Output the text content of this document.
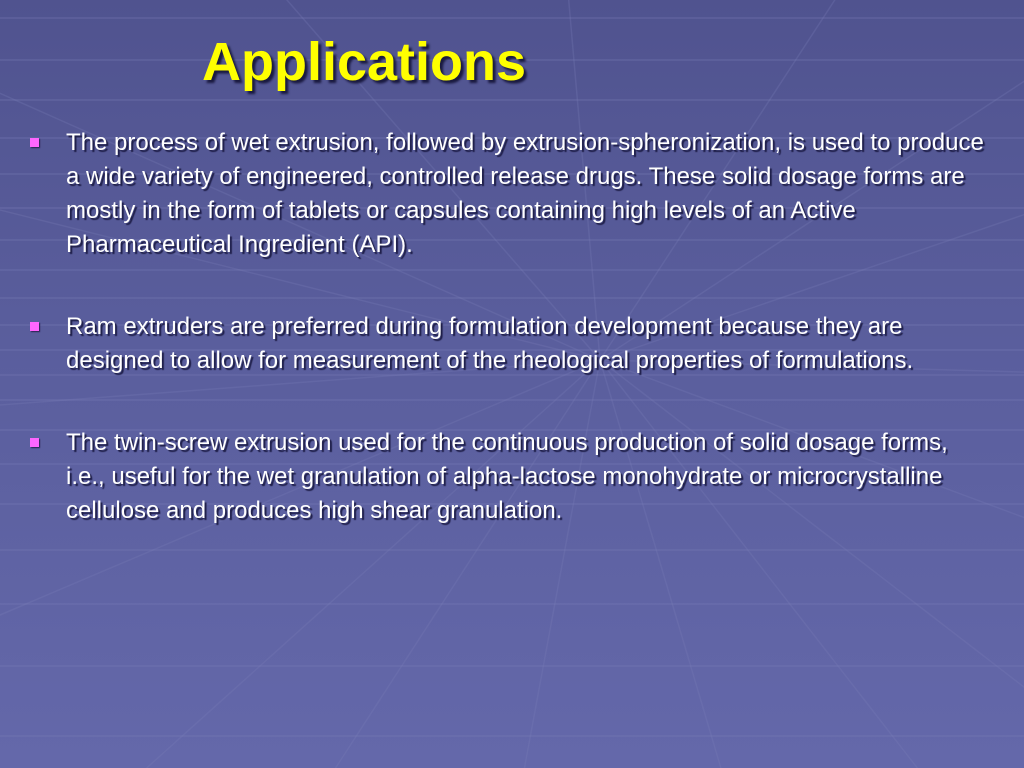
Applications
The process of wet extrusion, followed by extrusion-spheronization, is used to produce a wide variety of engineered, controlled release drugs. These solid dosage forms are mostly in the form of tablets or capsules containing high levels of an Active Pharmaceutical Ingredient (API).
Ram extruders are preferred during formulation development because they are designed to allow for measurement of the rheological properties of formulations.
The twin-screw extrusion used for the continuous production of solid dosage forms, i.e., useful for the wet granulation of alpha-lactose monohydrate or microcrystalline cellulose and produces high shear granulation.
